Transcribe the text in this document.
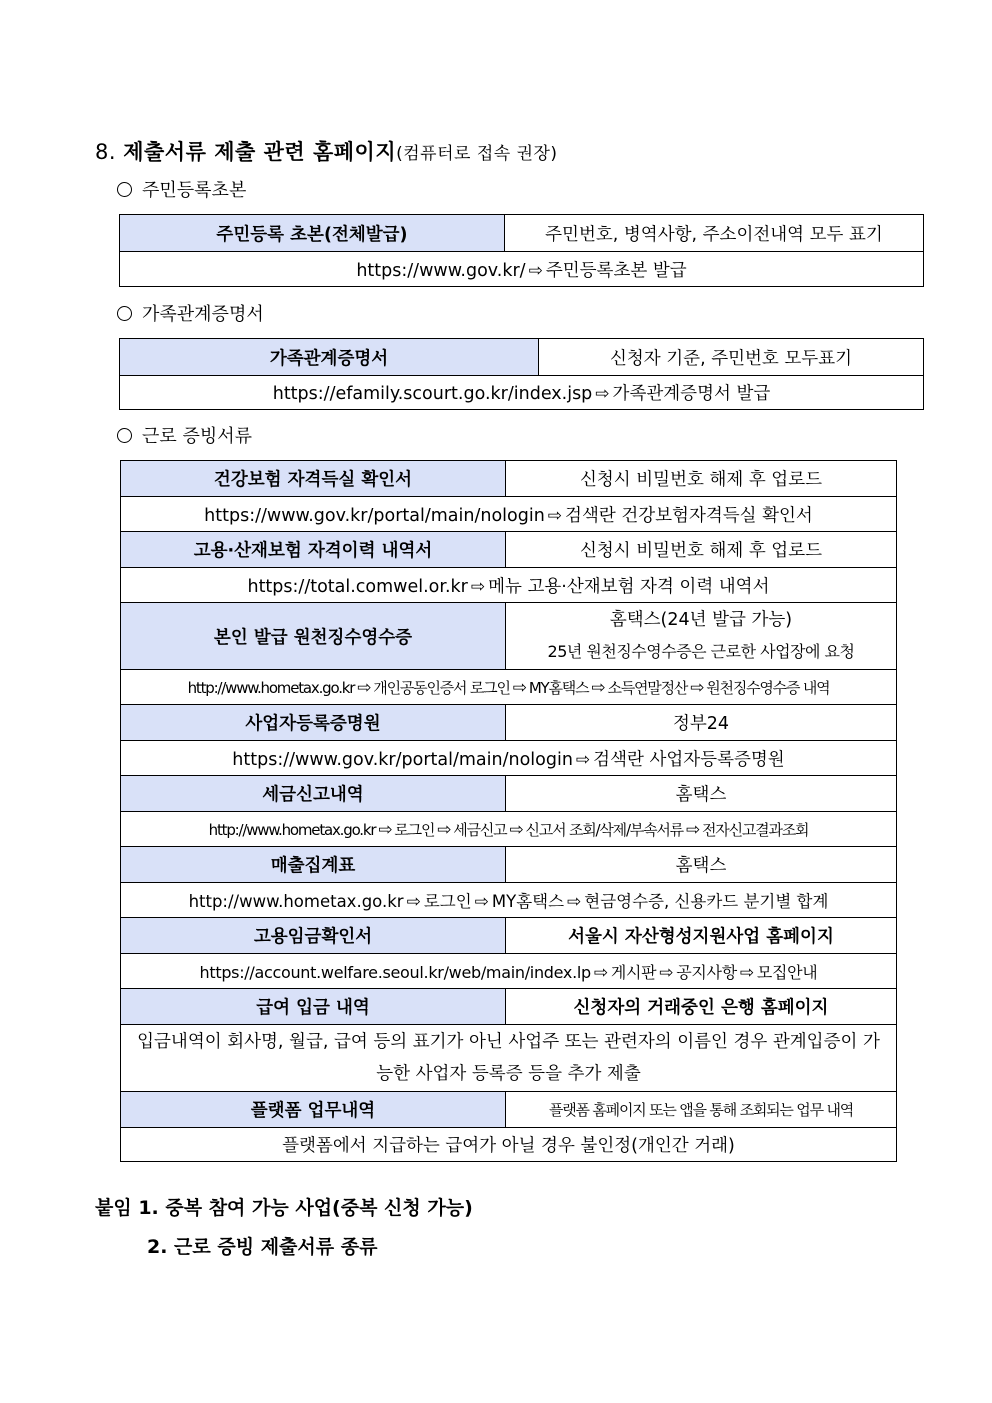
8. 제출서류 제출 관련 홈페이지(컴퓨터로 접속 권장)
주민등록초본
주민등록 초본(전체발급)	주민번호, 병역사항, 주소이전내역 모두 표기
https://www.gov.kr/ ⇨ 주민등록초본 발급
가족관계증명서
가족관계증명서	신청자 기준, 주민번호 모두표기
https://efamily.scourt.go.kr/index.jsp ⇨ 가족관계증명서 발급
근로 증빙서류
건강보험 자격득실 확인서	신청시 비밀번호 해제 후 업로드
https://www.gov.kr/portal/main/nologin ⇨ 검색란 건강보험자격득실 확인서	
고용·산재보험 자격이력 내역서	신청시 비밀번호 해제 후 업로드
https://total.comwel.or.kr ⇨ 메뉴 고용·산재보험 자격 이력 내역서	
본인 발급 원천징수영수증	홈택스(24년 발급 가능)
25년 원천징수영수증은 근로한 사업장에 요청

http://www.hometax.go.kr ⇨ 개인공동인증서 로그인 ⇨ MY홈택스 ⇨ 소득연말정산 ⇨ 원천징수영수증 내역	
사업자등록증명원	정부24
https://www.gov.kr/portal/main/nologin ⇨ 검색란 사업자등록증명원	
세금신고내역	홈택스
http://www.hometax.go.kr ⇨ 로그인 ⇨ 세금신고 ⇨ 신고서 조회/삭제/부속서류 ⇨ 전자신고결과조회	
매출집계표	홈택스
http://www.hometax.go.kr ⇨ 로그인 ⇨ MY홈택스 ⇨ 현금영수증, 신용카드 분기별 합계	
고용임금확인서	서울시 자산형성지원사업 홈페이지
https://account.welfare.seoul.kr/web/main/index.lp ⇨ 게시판 ⇨ 공지사항 ⇨ 모집안내	
급여 입금 내역	신청자의 거래중인 은행 홈페이지
입금내역이 회사명, 월급, 급여 등의 표기가 아닌 사업주 또는 관련자의 이름인 경우 관계입증이 가능한 사업자 등록증 등을 추가 제출	
플랫폼 업무내역	플랫폼 홈페이지 또는 앱을 통해 조회되는 업무 내역
플랫폼에서 지급하는 급여가 아닐 경우 불인정(개인간 거래)	
붙임 1. 중복 참여 가능 사업(중복 신청 가능)
2. 근로 증빙 제출서류 종류
